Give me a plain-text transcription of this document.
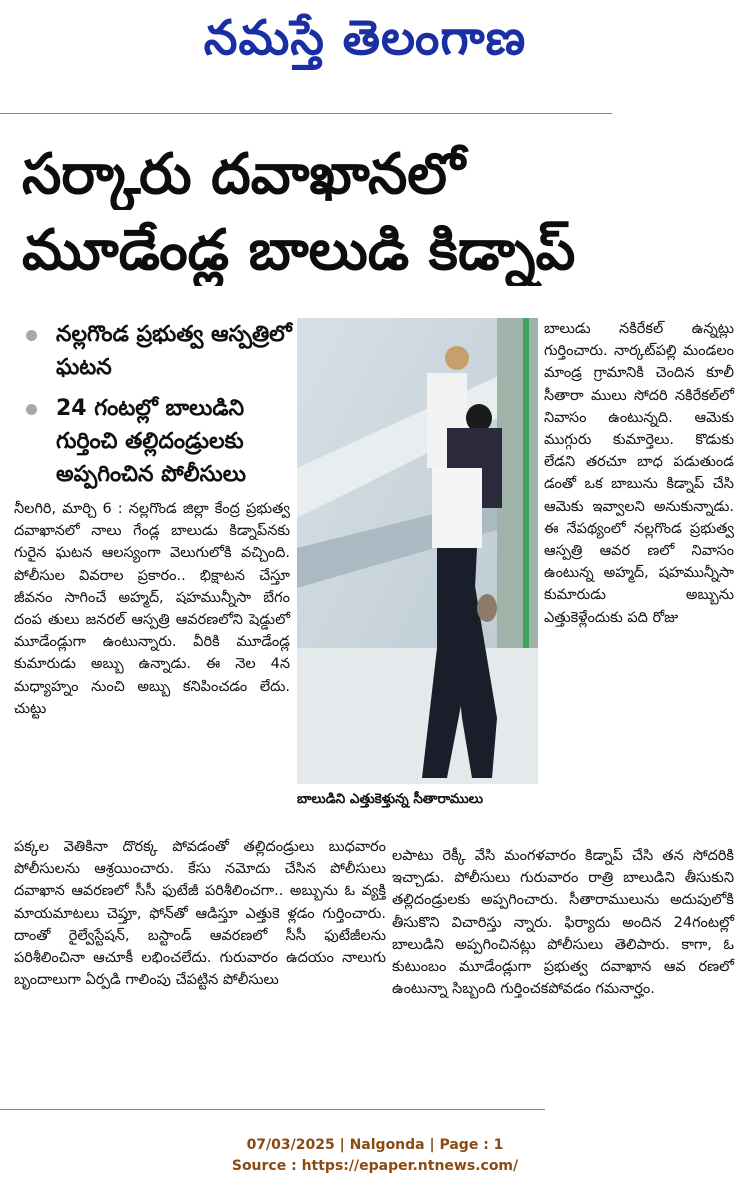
నమస్తే తెలంగాణ
సర్కారు దవాఖానలో
మూడేండ్ల బాలుడి కిడ్నాప్
నల్లగొండ ప్రభుత్వ ఆస్పత్రిలో ఘటన
24 గంటల్లో బాలుడిని గుర్తించి తల్లిదండ్రులకు అప్పగించిన పోలీసులు

నీలగిరి, మార్చి 6 : నల్లగొండ జిల్లా కేంద్ర ప్రభుత్వ దవాఖానలో నాలు గేండ్ల బాలుడు కిడ్నాప్‌నకు గురైన ఘటన ఆలస్యంగా వెలుగులోకి వచ్చింది. పోలీసుల వివరాల ప్రకారం.. భిక్షాటన చేస్తూ జీవనం సాగించే అహ్మద్, షహమున్నీసా బేగం దంప తులు జనరల్ ఆస్పత్రి ఆవరణలోని షెడ్డులో మూడేండ్లుగా ఉంటున్నారు. వీరికి మూడేండ్ల కుమారుడు అబ్బు ఉన్నాడు. ఈ నెల 4న మధ్యాహ్నం నుంచి అబ్బు కనిపించడం లేదు. చుట్టు

బాలుడిని ఎత్తుకెళ్తున్న సీతారాములు

బాలుడు నకిరేకల్ ఉన్నట్లు గుర్తించారు. నార్కట్‌పల్లి మండలం మాండ్ర గ్రామానికి చెందిన కూలీ సీతారా ములు సోదరి నకిరేకల్‌లో నివాసం ఉంటున్నది. ఆమెకు ముగ్గురు కుమార్తెలు. కొడుకు లేడని తరచూ బాధ పడుతుండ డంతో ఒక బాబును కిడ్నాప్ చేసి ఆమెకు ఇవ్వాలని అనుకున్నాడు. ఈ నేపథ్యంలో నల్లగొండ ప్రభుత్వ ఆస్పత్రి ఆవర ణలో నివాసం ఉంటున్న అహ్మద్, షహమున్నీసా కుమారుడు అబ్బును ఎత్తుకెళ్లేందుకు పది రోజు

పక్కల వెతికినా దొరక్క పోవడంతో తల్లిదండ్రులు బుధవారం పోలీసులను ఆశ్రయించారు. కేసు నమోదు చేసిన పోలీసులు దవాఖాన ఆవరణలో సీసీ ఫుటేజీ పరిశీలించగా.. అబ్బును ఓ వ్యక్తి మాయమాటలు చెప్తూ, ఫోన్‌తో ఆడిస్తూ ఎత్తుకె ళ్లడం గుర్తించారు. దాంతో రైల్వేస్టేషన్, బస్టాండ్ ఆవరణలో సీసీ ఫుటేజీలను పరిశీలించినా ఆచూకీ లభించలేదు. గురువారం ఉదయం నాలుగు బృందాలుగా ఏర్పడి గాలింపు చేపట్టిన పోలీసులు

లపాటు రెక్కీ వేసి మంగళవారం కిడ్నాప్ చేసి తన సోదరికి ఇచ్చాడు. పోలీసులు గురువారం రాత్రి బాలుడిని తీసుకుని తల్లిదండ్రులకు అప్పగించారు. సీతారాములును అదుపులోకి తీసుకొని విచారిస్తు న్నారు. ఫిర్యాదు అందిన 24గంటల్లో బాలుడిని అప్పగించినట్లు పోలీసులు తెలిపారు. కాగా, ఓ కుటుంబం మూడేండ్లుగా ప్రభుత్వ దవాఖాన ఆవ రణలో ఉంటున్నా సిబ్బంది గుర్తించకపోవడం గమనార్హం.

07/03/2025 | Nalgonda | Page : 1
Source : https://epaper.ntnews.com/
